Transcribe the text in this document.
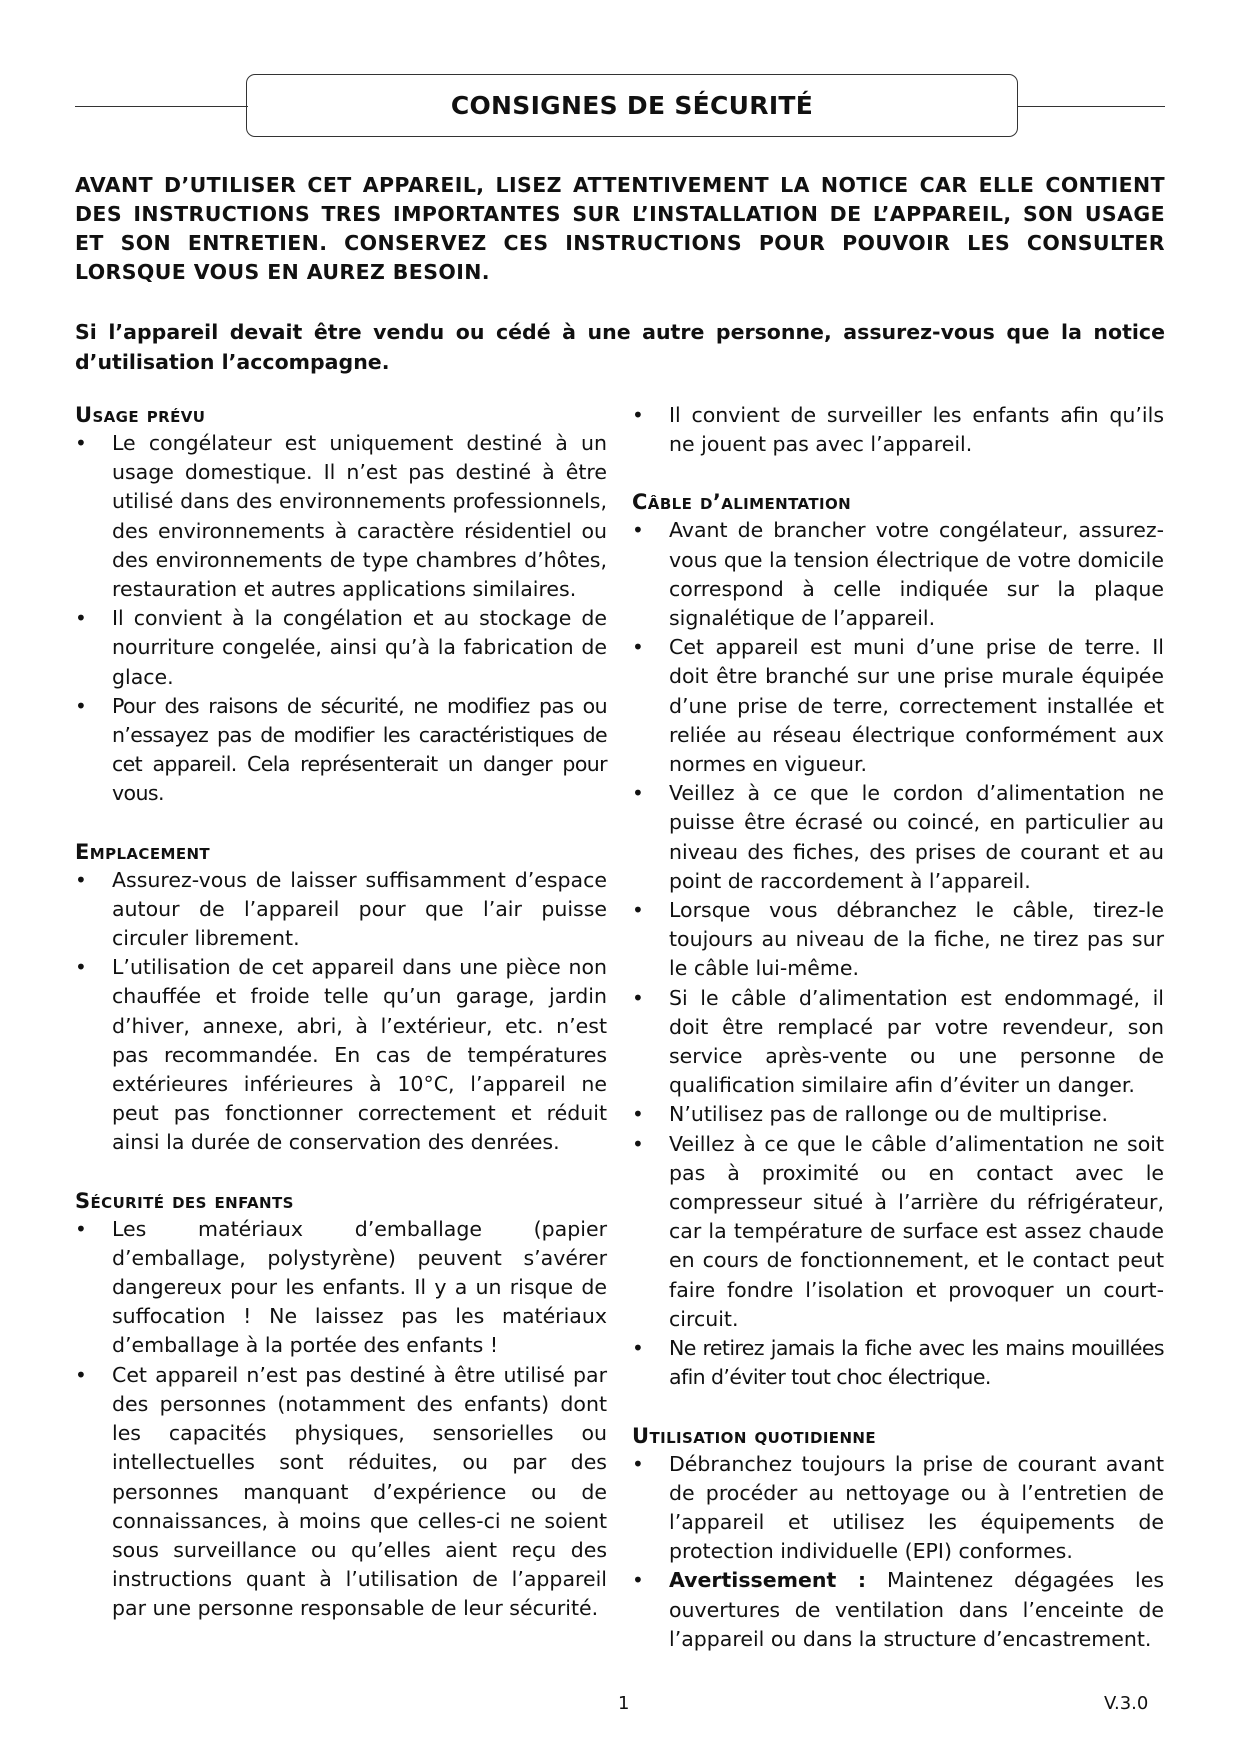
CONSIGNES DE SÉCURITÉ

AVANT D’UTILISER CET APPAREIL, LISEZ ATTENTIVEMENT LA NOTICE CAR ELLE CONTIENT DES INSTRUCTIONS TRES IMPORTANTES SUR L’INSTALLATION DE L’APPAREIL, SON USAGE ET SON ENTRETIEN. CONSERVEZ CES INSTRUCTIONS POUR POUVOIR LES CONSULTER LORSQUE VOUS EN AUREZ BESOIN.

Si l’appareil devait être vendu ou cédé à une autre personne, assurez-vous que la notice d’utilisation l’accompagne.

Usage prévu
• Le congélateur est uniquement destiné à un usage domestique. Il n’est pas destiné à être utilisé dans des environnements professionnels, des environnements à caractère résidentiel ou des environnements de type chambres d’hôtes, restauration et autres applications similaires.
• Il convient à la congélation et au stockage de nourriture congelée, ainsi qu’à la fabrication de glace.
• Pour des raisons de sécurité, ne modifiez pas ou n’essayez pas de modifier les caractéristiques de cet appareil. Cela représenterait un danger pour vous.
Emplacement
• Assurez-vous de laisser suffisamment d’espace autour de l’appareil pour que l’air puisse circuler librement.
• L’utilisation de cet appareil dans une pièce non chauffée et froide telle qu’un garage, jardin d’hiver, annexe, abri, à l’extérieur, etc. n’est pas recommandée. En cas de températures extérieures inférieures à 10°C, l’appareil ne peut pas fonctionner correctement et réduit ainsi la durée de conservation des denrées.
Sécurité des enfants
• Les matériaux d’emballage (papier d’emballage, polystyrène) peuvent s’avérer dangereux pour les enfants. Il y a un risque de suffocation ! Ne laissez pas les matériaux d’emballage à la portée des enfants !
• Cet appareil n’est pas destiné à être utilisé par des personnes (notamment des enfants) dont les capacités physiques, sensorielles ou intellectuelles sont réduites, ou par des personnes manquant d’expérience ou de connaissances, à moins que celles-ci ne soient sous surveillance ou qu’elles aient reçu des instructions quant à l’utilisation de l’appareil par une personne responsable de leur sécurité.
• Il convient de surveiller les enfants afin qu’ils ne jouent pas avec l’appareil.
Câble d’alimentation
• Avant de brancher votre congélateur, assurez-vous que la tension électrique de votre domicile correspond à celle indiquée sur la plaque signalétique de l’appareil.
• Cet appareil est muni d’une prise de terre. Il doit être branché sur une prise murale équipée d’une prise de terre, correctement installée et reliée au réseau électrique conformément aux normes en vigueur.
• Veillez à ce que le cordon d’alimentation ne puisse être écrasé ou coincé, en particulier au niveau des fiches, des prises de courant et au point de raccordement à l’appareil.
• Lorsque vous débranchez le câble, tirez-le toujours au niveau de la fiche, ne tirez pas sur le câble lui-même.
• Si le câble d’alimentation est endommagé, il doit être remplacé par votre revendeur, son service après-vente ou une personne de qualification similaire afin d’éviter un danger.
• N’utilisez pas de rallonge ou de multiprise.
• Veillez à ce que le câble d’alimentation ne soit pas à proximité ou en contact avec le compresseur situé à l’arrière du réfrigérateur, car la température de surface est assez chaude en cours de fonctionnement, et le contact peut faire fondre l’isolation et provoquer un court-circuit.
• Ne retirez jamais la fiche avec les mains mouillées afin d’éviter tout choc électrique.
Utilisation quotidienne
• Débranchez toujours la prise de courant avant de procéder au nettoyage ou à l’entretien de l’appareil et utilisez les équipements de protection individuelle (EPI) conformes.
• Avertissement : Maintenez dégagées les ouvertures de ventilation dans l’enceinte de l’appareil ou dans la structure d’encastrement.
1	V.3.0
